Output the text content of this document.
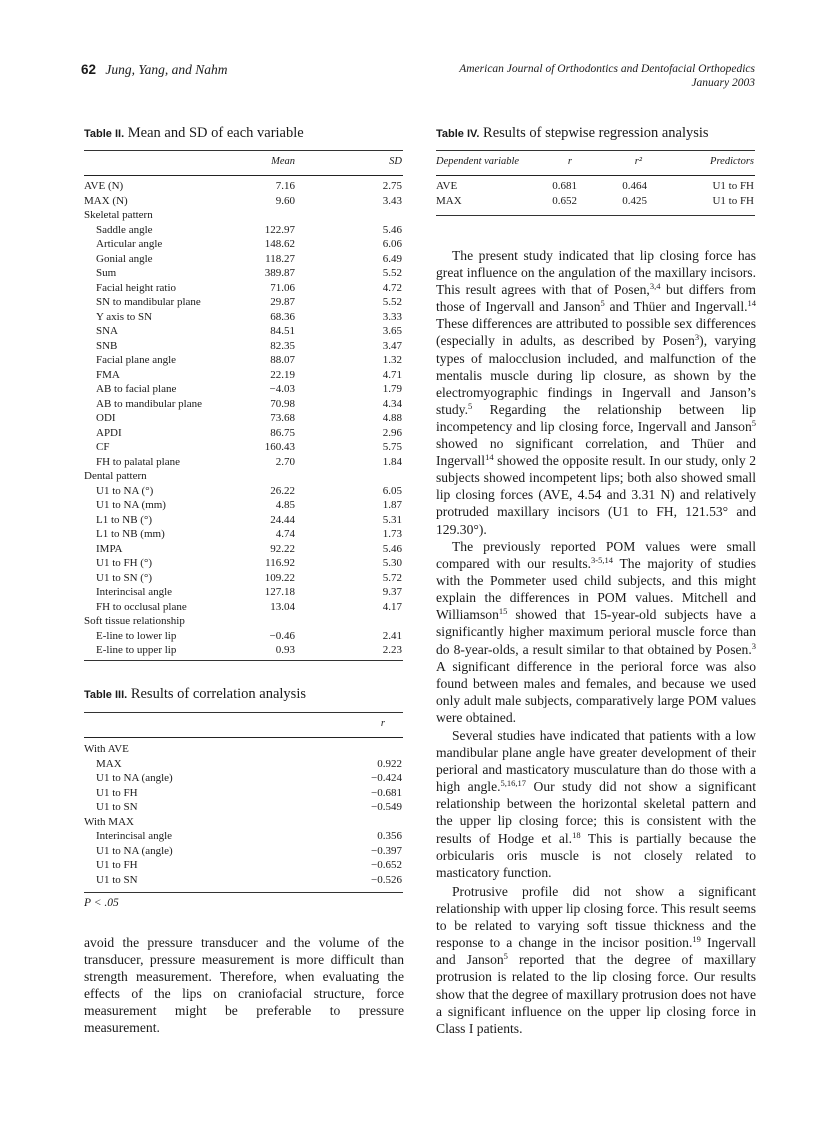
62 Jung, Yang, and Nahm	American Journal of Orthodontics and Dentofacial Orthopedics
January 2003
Table II. Mean and SD of each variable
Mean	SD
AVE (N)	7.16	2.75
MAX (N)	9.60	3.43
Skeletal pattern
Saddle angle	122.97	5.46
Articular angle	148.62	6.06
Gonial angle	118.27	6.49
Sum	389.87	5.52
Facial height ratio	71.06	4.72
SN to mandibular plane	29.87	5.52
Y axis to SN	68.36	3.33
SNA	84.51	3.65
SNB	82.35	3.47
Facial plane angle	88.07	1.32
FMA	22.19	4.71
AB to facial plane	−4.03	1.79
AB to mandibular plane	70.98	4.34
ODI	73.68	4.88
APDI	86.75	2.96
CF	160.43	5.75
FH to palatal plane	2.70	1.84
Dental pattern
U1 to NA (°)	26.22	6.05
U1 to NA (mm)	4.85	1.87
L1 to NB (°)	24.44	5.31
L1 to NB (mm)	4.74	1.73
IMPA	92.22	5.46
U1 to FH (°)	116.92	5.30
U1 to SN (°)	109.22	5.72
Interincisal angle	127.18	9.37
FH to occlusal plane	13.04	4.17
Soft tissue relationship
E-line to lower lip	−0.46	2.41
E-line to upper lip	0.93	2.23
Table III. Results of correlation analysis
r
With AVE
MAX	0.922
U1 to NA (angle)	−0.424
U1 to FH	−0.681
U1 to SN	−0.549
With MAX
Interincisal angle	0.356
U1 to NA (angle)	−0.397
U1 to FH	−0.652
U1 to SN	−0.526
P < .05
avoid the pressure transducer and the volume of the transducer, pressure measurement is more difficult than strength measurement. Therefore, when evaluating the effects of the lips on craniofacial structure, force measurement might be preferable to pressure measurement.
Table IV. Results of stepwise regression analysis
Dependent variable	r	r²	Predictors
AVE	0.681	0.464	U1 to FH
MAX	0.652	0.425	U1 to FH
The present study indicated that lip closing force has great influence on the angulation of the maxillary incisors. This result agrees with that of Posen,$^{3,4}$ but differs from those of Ingervall and Janson$^5$ and Thüer and Ingervall.$^{14}$ These differences are attributed to possible sex differences (especially in adults, as described by Posen$^3$), varying types of malocclusion included, and malfunction of the mentalis muscle during lip closure, as shown by the electromyographic findings in Ingervall and Janson’s study.$^5$ Regarding the relationship between lip incompetency and lip closing force, Ingervall and Janson$^5$ showed no significant correlation, and Thüer and Ingervall$^{14}$ showed the opposite result. In our study, only 2 subjects showed incompetent lips; both also showed small lip closing forces (AVE, 4.54 and 3.31 N) and relatively protruded maxillary incisors (U1 to FH, 121.53° and 129.30°).
The previously reported POM values were small compared with our results.$^{3-5,14}$ The majority of studies with the Pommeter used child subjects, and this might explain the differences in POM values. Mitchell and Williamson$^{15}$ showed that 15-year-old subjects have a significantly higher maximum perioral muscle force than do 8-year-olds, a result similar to that obtained by Posen.$^3$ A significant difference in the perioral force was also found between males and females, and because we used only adult male subjects, comparatively large POM values were obtained.
Several studies have indicated that patients with a low mandibular plane angle have greater development of their perioral and masticatory musculature than do those with a high angle.$^{5,16,17}$ Our study did not show a significant relationship between the horizontal skeletal pattern and the upper lip closing force; this is consistent with the results of Hodge et al.$^{18}$ This is partially because the orbicularis oris muscle is not closely related to masticatory function.
Protrusive profile did not show a significant relationship with upper lip closing force. This result seems to be related to varying soft tissue thickness and the response to a change in the incisor position.$^{19}$ Ingervall and Janson$^5$ reported that the degree of maxillary protrusion is related to the lip closing force. Our results show that the degree of maxillary protrusion does not have a significant influence on the upper lip closing force in Class I patients.
